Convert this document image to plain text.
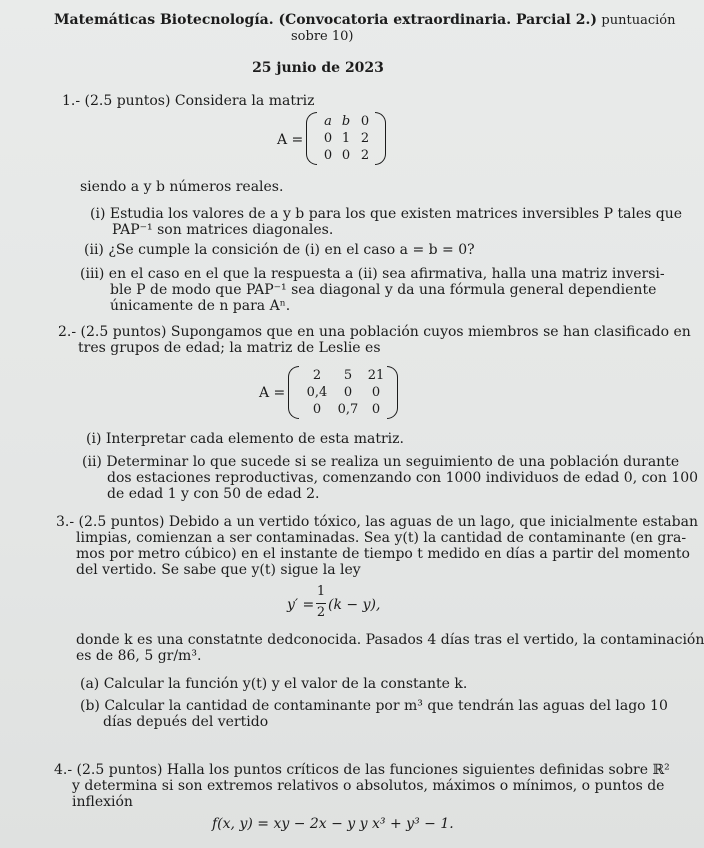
Matemáticas Biotecnología. (Convocatoria extraordinaria. Parcial 2.) puntuación
sobre 10)
25 junio de 2023
1.- (2.5 puntos) Considera la matriz
A =
a b 0
0 1 2
0 0 2
siendo a y b números reales.
(i) Estudia los valores de a y b para los que existen matrices inversibles P tales que
PAP⁻¹ son matrices diagonales.
(ii) ¿Se cumple la consición de (i) en el caso a = b = 0?
(iii) en el caso en el que la respuesta a (ii) sea afirmativa, halla una matriz inversi-
ble P de modo que PAP⁻¹ sea diagonal y da una fórmula general dependiente
únicamente de n para Aⁿ.
2.- (2.5 puntos) Supongamos que en una población cuyos miembros se han clasificado en
tres grupos de edad; la matriz de Leslie es
A =
2	5	21
0,4	0	0
0	0,7	0
(i) Interpretar cada elemento de esta matriz.
(ii) Determinar lo que sucede si se realiza un seguimiento de una población durante
dos estaciones reproductivas, comenzando con 1000 individuos de edad 0, con 100
de edad 1 y con 50 de edad 2.
3.- (2.5 puntos) Debido a un vertido tóxico, las aguas de un lago, que inicialmente estaban
limpias, comienzan a ser contaminadas. Sea y(t) la cantidad de contaminante (en gra-
mos por metro cúbico) en el instante de tiempo t medido en días a partir del momento
del vertido. Se sabe que y(t) sigue la ley
y′ =
1
2 (k − y),
donde k es una constatnte dedconocida. Pasados 4 días tras el vertido, la contaminación
es de 86, 5 gr/m³.
(a) Calcular la función y(t) y el valor de la constante k.
(b) Calcular la cantidad de contaminante por m³ que tendrán las aguas del lago 10
días depués del vertido
4.- (2.5 puntos) Halla los puntos críticos de las funciones siguientes definidas sobre ℝ²
y determina si son extremos relativos o absolutos, máximos o mínimos, o puntos de
inflexión
f(x, y) = xy − 2x − y y x³ + y³ − 1.
